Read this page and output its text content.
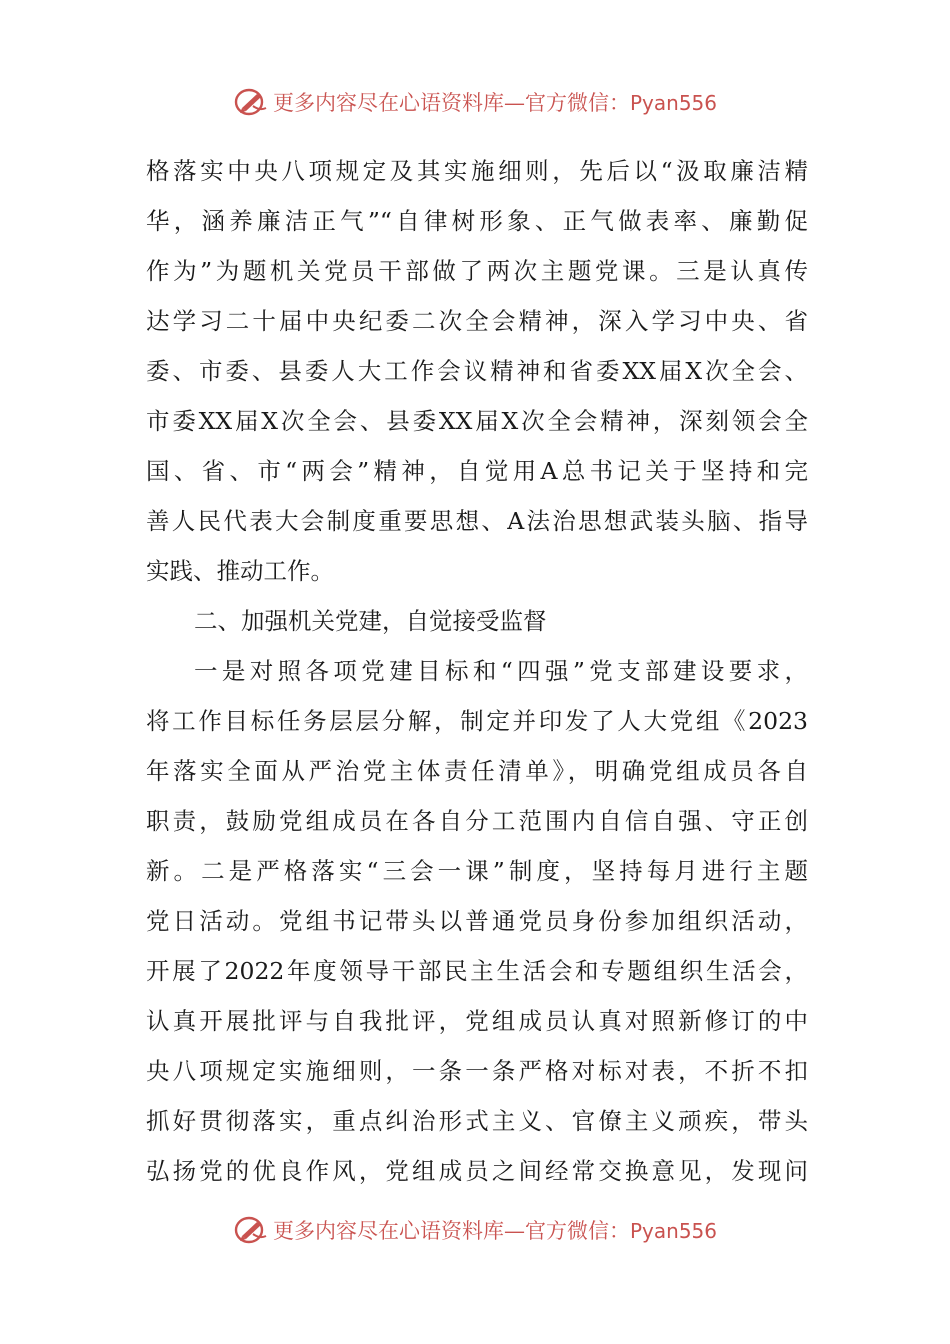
更多内容尽在心语资料库—官方微信：Pyan556
格落实中央八项规定及其实施细则，先后以“汲取廉洁精
华，涵养廉洁正气”“自律树形象、正气做表率、廉勤促
作为”为题机关党员干部做了两次主题党课。三是认真传
达学习二十届中央纪委二次全会精神，深入学习中央、省
委、市委、县委人大工作会议精神和省委XX届X次全会、
市委XX届X次全会、县委XX届X次全会精神，深刻领会全
国、省、市“两会”精神，自觉用A总书记关于坚持和完
善人民代表大会制度重要思想、A法治思想武装头脑、指导
实践、推动工作。
二、加强机关党建，自觉接受监督
一是对照各项党建目标和“四强”党支部建设要求，
将工作目标任务层层分解，制定并印发了人大党组《2023
年落实全面从严治党主体责任清单》，明确党组成员各自
职责，鼓励党组成员在各自分工范围内自信自强、守正创
新。二是严格落实“三会一课”制度，坚持每月进行主题
党日活动。党组书记带头以普通党员身份参加组织活动，
开展了2022年度领导干部民主生活会和专题组织生活会，
认真开展批评与自我批评，党组成员认真对照新修订的中
央八项规定实施细则，一条一条严格对标对表，不折不扣
抓好贯彻落实，重点纠治形式主义、官僚主义顽疾，带头
弘扬党的优良作风，党组成员之间经常交换意见，发现问
更多内容尽在心语资料库—官方微信：Pyan556
